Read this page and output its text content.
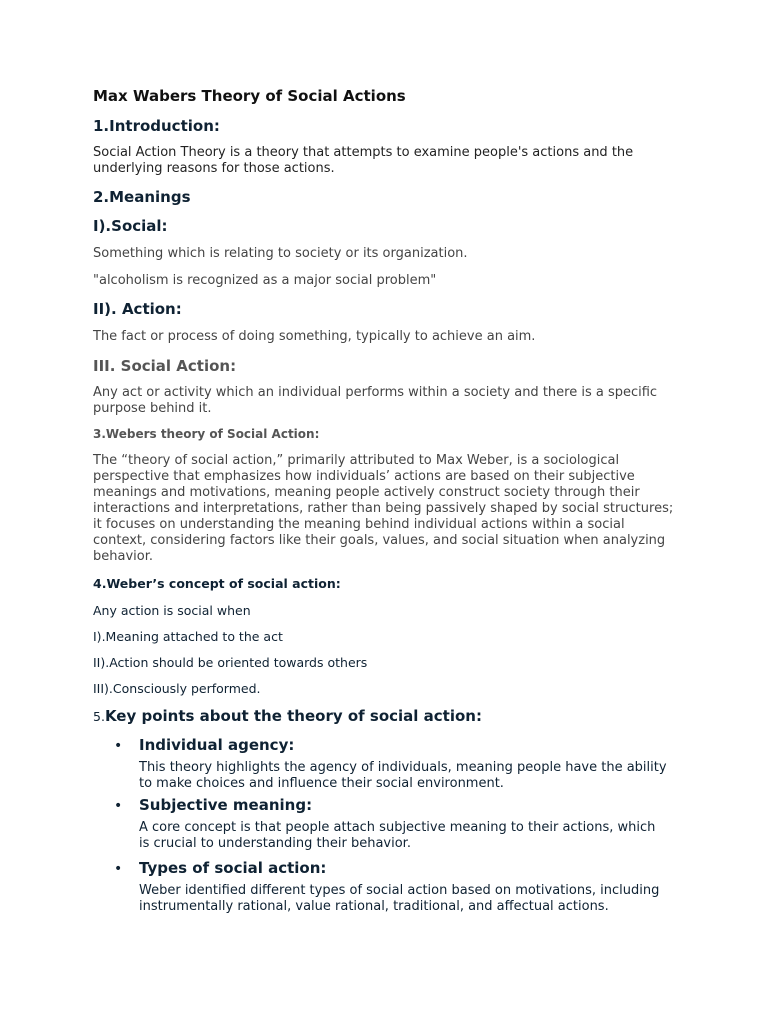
Max Wabers Theory of Social Actions

1.Introduction:

Social Action Theory is a theory that attempts to examine people's actions and the underlying reasons for those actions.

2.Meanings

I).Social:

Something which is relating to society or its organization.

"alcoholism is recognized as a major social problem"

II). Action:

The fact or process of doing something, typically to achieve an aim.

III. Social Action:

Any act or activity which an individual performs within a society and there is a specific purpose behind it.

3.Webers theory of Social Action:

The “theory of social action,” primarily attributed to Max Weber, is a sociological perspective that emphasizes how individuals’ actions are based on their subjective meanings and motivations, meaning people actively construct society through their interactions and interpretations, rather than being passively shaped by social structures; it focuses on understanding the meaning behind individual actions within a social context, considering factors like their goals, values, and social situation when analyzing behavior.

4.Weber’s concept of social action:

Any action is social when

I).Meaning attached to the act

II).Action should be oriented towards others

III).Consciously performed.

5.Key points about the theory of social action:

• Individual agency:

This theory highlights the agency of individuals, meaning people have the ability to make choices and influence their social environment.

• Subjective meaning:

A core concept is that people attach subjective meaning to their actions, which is crucial to understanding their behavior.

• Types of social action:

Weber identified different types of social action based on motivations, including instrumentally rational, value rational, traditional, and affectual actions.
